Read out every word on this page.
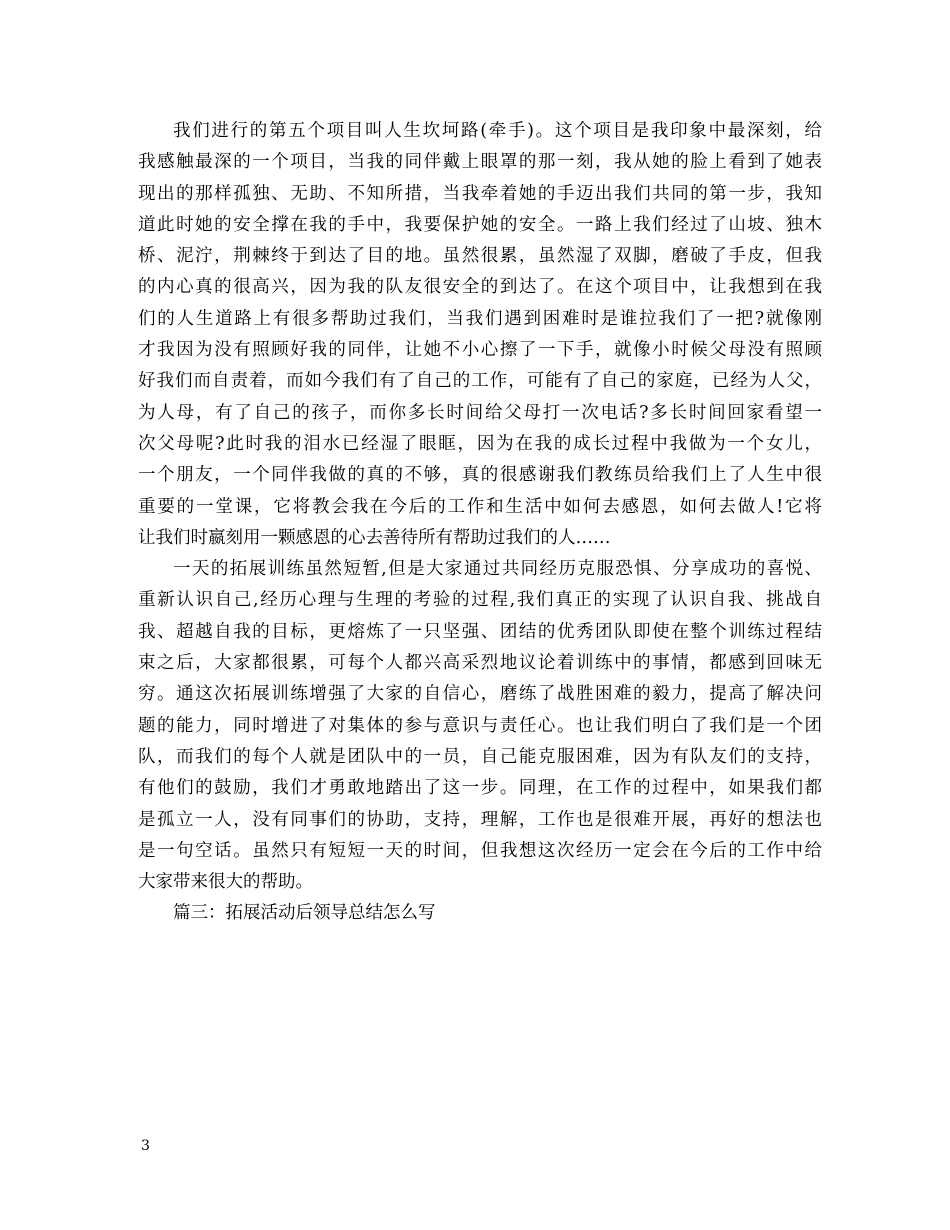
我们进行的第五个项目叫人生坎坷路(牵手)。这个项目是我印象中最深刻，给
我感触最深的一个项目，当我的同伴戴上眼罩的那一刻，我从她的脸上看到了她表
现出的那样孤独、无助、不知所措，当我牵着她的手迈出我们共同的第一步，我知
道此时她的安全撑在我的手中，我要保护她的安全。一路上我们经过了山坡、独木
桥、泥泞，荆棘终于到达了目的地。虽然很累，虽然湿了双脚，磨破了手皮，但我
的内心真的很高兴，因为我的队友很安全的到达了。在这个项目中，让我想到在我
们的人生道路上有很多帮助过我们，当我们遇到困难时是谁拉我们了一把?就像刚
才我因为没有照顾好我的同伴，让她不小心擦了一下手，就像小时候父母没有照顾
好我们而自责着，而如今我们有了自己的工作，可能有了自己的家庭，已经为人父，
为人母，有了自己的孩子，而你多长时间给父母打一次电话?多长时间回家看望一
次父母呢?此时我的泪水已经湿了眼眶，因为在我的成长过程中我做为一个女儿，
一个朋友，一个同伴我做的真的不够，真的很感谢我们教练员给我们上了人生中很
重要的一堂课，它将教会我在今后的工作和生活中如何去感恩，如何去做人!它将
让我们时嬴刻用一颗感恩的心去善待所有帮助过我们的人……
一天的拓展训练虽然短暂,但是大家通过共同经历克服恐惧、分享成功的喜悦、
重新认识自己,经历心理与生理的考验的过程,我们真正的实现了认识自我、挑战自
我、超越自我的目标，更熔炼了一只坚强、团结的优秀团队即使在整个训练过程结
束之后，大家都很累，可每个人都兴高采烈地议论着训练中的事情，都感到回味无
穷。通这次拓展训练增强了大家的自信心，磨练了战胜困难的毅力，提高了解决问
题的能力，同时增进了对集体的参与意识与责任心。也让我们明白了我们是一个团
队，而我们的每个人就是团队中的一员，自己能克服困难，因为有队友们的支持，
有他们的鼓励，我们才勇敢地踏出了这一步。同理，在工作的过程中，如果我们都
是孤立一人，没有同事们的协助，支持，理解，工作也是很难开展，再好的想法也
是一句空话。虽然只有短短一天的时间，但我想这次经历一定会在今后的工作中给
大家带来很大的帮助。
篇三：拓展活动后领导总结怎么写
3
